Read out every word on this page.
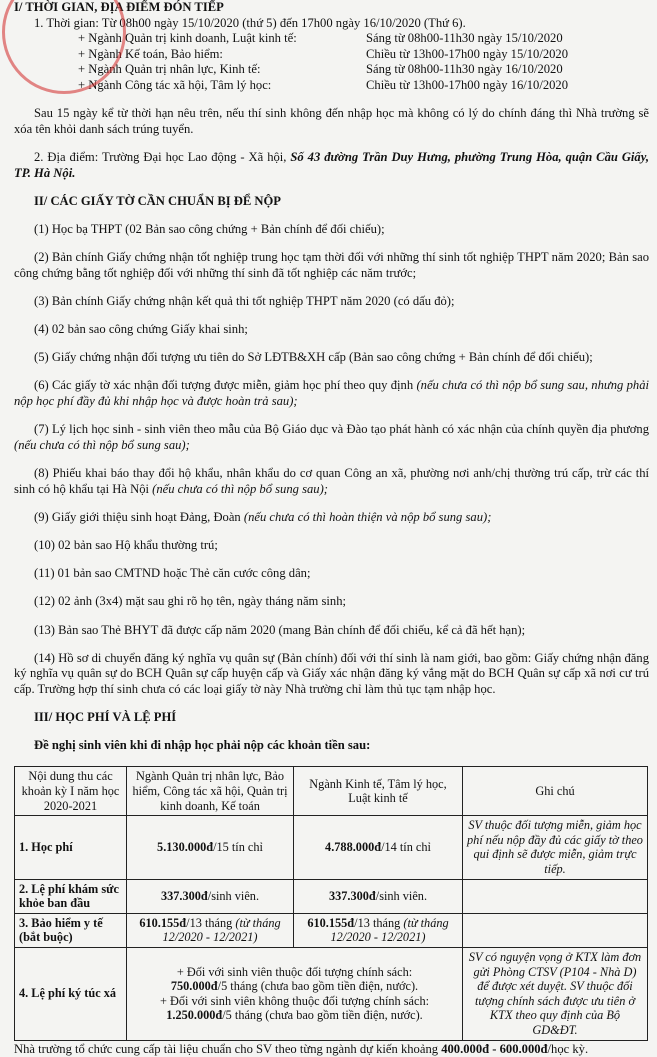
I/ THỜI GIAN, ĐỊA ĐIỂM ĐÓN TIẾP

1. Thời gian: Từ 08h00 ngày 15/10/2020 (thứ 5) đến 17h00 ngày 16/10/2020 (Thứ 6).

+ Ngành Quản trị kinh doanh, Luật kinh tế:	Sáng từ 08h00-11h30 ngày 15/10/2020
+ Ngành Kế toán, Bảo hiểm:	Chiều từ 13h00-17h00 ngày 15/10/2020
+ Ngành Quản trị nhân lực, Kinh tế:	Sáng từ 08h00-11h30 ngày 16/10/2020
+ Ngành Công tác xã hội, Tâm lý học:	Chiều từ 13h00-17h00 ngày 16/10/2020

Sau 15 ngày kể từ thời hạn nêu trên, nếu thí sinh không đến nhập học mà không có lý do chính đáng thì Nhà trường sẽ xóa tên khỏi danh sách trúng tuyển.

2. Địa điểm: Trường Đại học Lao động - Xã hội, Số 43 đường Trần Duy Hưng, phường Trung Hòa, quận Cầu Giấy, TP. Hà Nội.

II/ CÁC GIẤY TỜ CẦN CHUẨN BỊ ĐỂ NỘP

(1) Học bạ THPT (02 Bản sao công chứng + Bản chính để đối chiếu);

(2) Bản chính Giấy chứng nhận tốt nghiệp trung học tạm thời đối với những thí sinh tốt nghiệp THPT năm 2020; Bản sao công chứng bằng tốt nghiệp đối với những thí sinh đã tốt nghiệp các năm trước;

(3) Bản chính Giấy chứng nhận kết quả thi tốt nghiệp THPT năm 2020 (có dấu đỏ);

(4) 02 bản sao công chứng Giấy khai sinh;

(5) Giấy chứng nhận đối tượng ưu tiên do Sở LĐTB&XH cấp (Bản sao công chứng + Bản chính để đối chiếu);

(6) Các giấy tờ xác nhận đối tượng được miễn, giảm học phí theo quy định (nếu chưa có thì nộp bổ sung sau, nhưng phải nộp học phí đầy đủ khi nhập học và được hoàn trả sau);

(7) Lý lịch học sinh - sinh viên theo mẫu của Bộ Giáo dục và Đào tạo phát hành có xác nhận của chính quyền địa phương (nếu chưa có thì nộp bổ sung sau);

(8) Phiếu khai báo thay đổi hộ khẩu, nhân khẩu do cơ quan Công an xã, phường nơi anh/chị thường trú cấp, trừ các thí sinh có hộ khẩu tại Hà Nội (nếu chưa có thì nộp bổ sung sau);

(9) Giấy giới thiệu sinh hoạt Đảng, Đoàn (nếu chưa có thì hoàn thiện và nộp bổ sung sau);

(10) 02 bản sao Hộ khẩu thường trú;

(11) 01 bản sao CMTND hoặc Thẻ căn cước công dân;

(12) 02 ảnh (3x4) mặt sau ghi rõ họ tên, ngày tháng năm sinh;

(13) Bản sao Thẻ BHYT đã được cấp năm 2020 (mang Bản chính để đối chiếu, kể cả đã hết hạn);

(14) Hồ sơ di chuyển đăng ký nghĩa vụ quân sự (Bản chính) đối với thí sinh là nam giới, bao gồm: Giấy chứng nhận đăng ký nghĩa vụ quân sự do BCH Quân sự cấp huyện cấp và Giấy xác nhận đăng ký vắng mặt do BCH Quân sự cấp xã nơi cư trú cấp. Trường hợp thí sinh chưa có các loại giấy tờ này Nhà trường chỉ làm thủ tục tạm nhập học.

III/ HỌC PHÍ VÀ LỆ PHÍ

Đề nghị sinh viên khi đi nhập học phải nộp các khoản tiền sau:

Nội dung thu các khoản kỳ I năm học 2020-2021	Ngành Quản trị nhân lực, Bảo hiểm, Công tác xã hội, Quản trị kinh doanh, Kế toán	Ngành Kinh tế, Tâm lý học, Luật kinh tế	Ghi chú
1. Học phí	5.130.000đ/15 tín chỉ	4.788.000đ/14 tín chỉ	SV thuộc đối tượng miễn, giảm học phí nếu nộp đầy đủ các giấy tờ theo qui định sẽ được miễn, giảm trực tiếp.
2. Lệ phí khám sức khỏe ban đầu	337.300đ/sinh viên.	337.300đ/sinh viên.	
3. Bảo hiểm y tế (bắt buộc)	610.155đ/13 tháng (từ tháng 12/2020 - 12/2021)	610.155đ/13 tháng (từ tháng 12/2020 - 12/2021)	
4. Lệ phí ký túc xá	+ Đối với sinh viên thuộc đối tượng chính sách:
750.000đ/5 tháng (chưa bao gồm tiền điện, nước).
+ Đối với sinh viên không thuộc đối tượng chính sách:
1.250.000đ/5 tháng (chưa bao gồm tiền điện, nước).		SV có nguyện vọng ở KTX làm đơn gửi Phòng CTSV (P104 - Nhà D) để được xét duyệt. SV thuộc đối tượng chính sách được ưu tiên ở KTX theo quy định của Bộ GD&ĐT.

Nhà trường tổ chức cung cấp tài liệu chuẩn cho SV theo từng ngành dự kiến khoảng 400.000đ - 600.000đ/học kỳ.
